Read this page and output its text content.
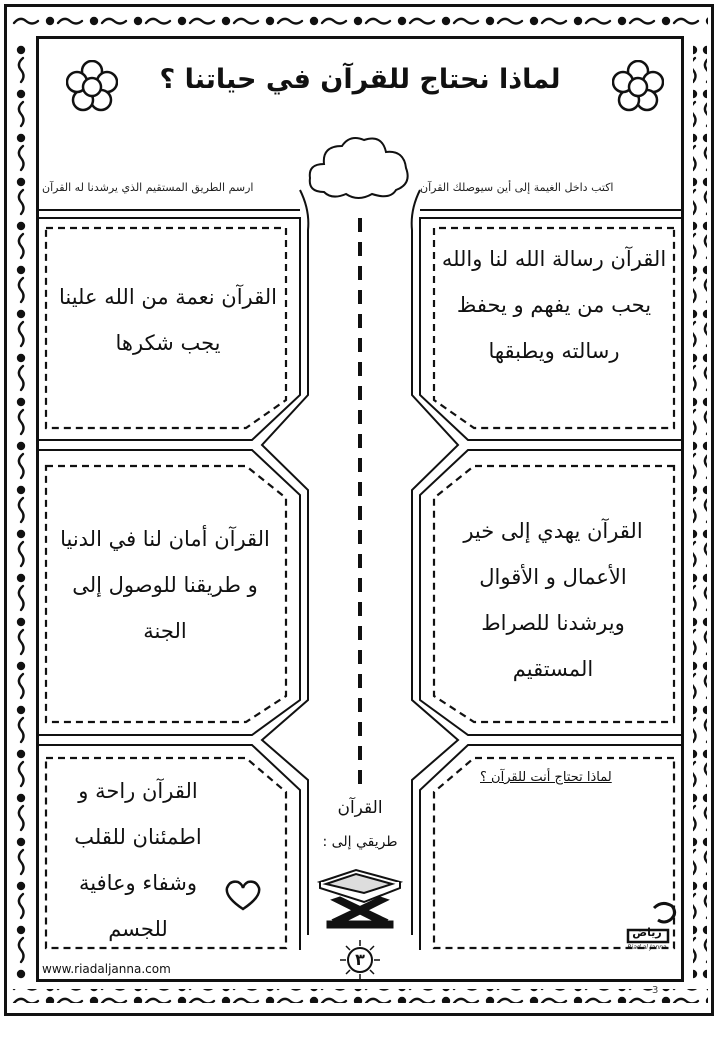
لماذا نحتاج للقرآن في حياتنا ؟
اكتب داخل الغيمة إلى أين سيوصلك القرآن
ارسم الطريق المستقيم الذي يرشدنا له القرآن
القرآن رسالة الله لنا والله يحب من يفهم و يحفظ رسالته ويطبقها
القرآن نعمة من الله علينا يجب شكرها
القرآن يهدي إلى خير الأعمال و الأقوال ويرشدنا للصراط المستقيم
القرآن أمان لنا في الدنيا و طريقنا للوصول إلى الجنة
لماذا تحتاج أنت للقرآن ؟
القرآن راحة و اطمئنان للقلب وشفاء وعافية للجسم
القرآن
طريقي إلى :
٣
رياض
Riad al Janna
www.riadaljanna.com
3
